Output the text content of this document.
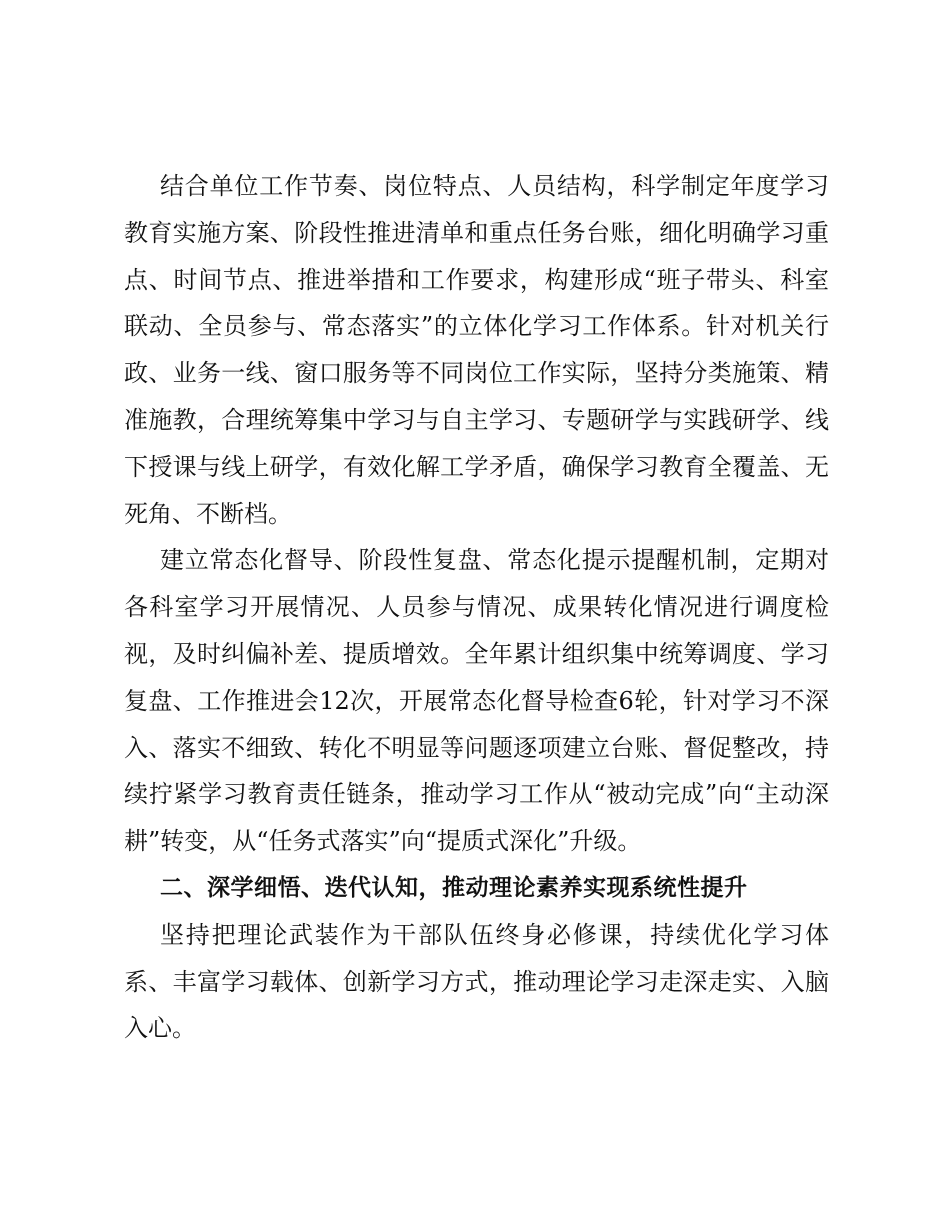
结合单位工作节奏、岗位特点、人员结构，科学制定年度学习教育实施方案、阶段性推进清单和重点任务台账，细化明确学习重点、时间节点、推进举措和工作要求，构建形成“班子带头、科室联动、全员参与、常态落实”的立体化学习工作体系。针对机关行政、业务一线、窗口服务等不同岗位工作实际，坚持分类施策、精准施教，合理统筹集中学习与自主学习、专题研学与实践研学、线下授课与线上研学，有效化解工学矛盾，确保学习教育全覆盖、无死角、不断档。

建立常态化督导、阶段性复盘、常态化提示提醒机制，定期对各科室学习开展情况、人员参与情况、成果转化情况进行调度检视，及时纠偏补差、提质增效。全年累计组织集中统筹调度、学习复盘、工作推进会12次，开展常态化督导检查6轮，针对学习不深入、落实不细致、转化不明显等问题逐项建立台账、督促整改，持续拧紧学习教育责任链条，推动学习工作从“被动完成”向“主动深耕”转变，从“任务式落实”向“提质式深化”升级。

二、深学细悟、迭代认知，推动理论素养实现系统性提升

坚持把理论武装作为干部队伍终身必修课，持续优化学习体系、丰富学习载体、创新学习方式，推动理论学习走深走实、入脑入心。
